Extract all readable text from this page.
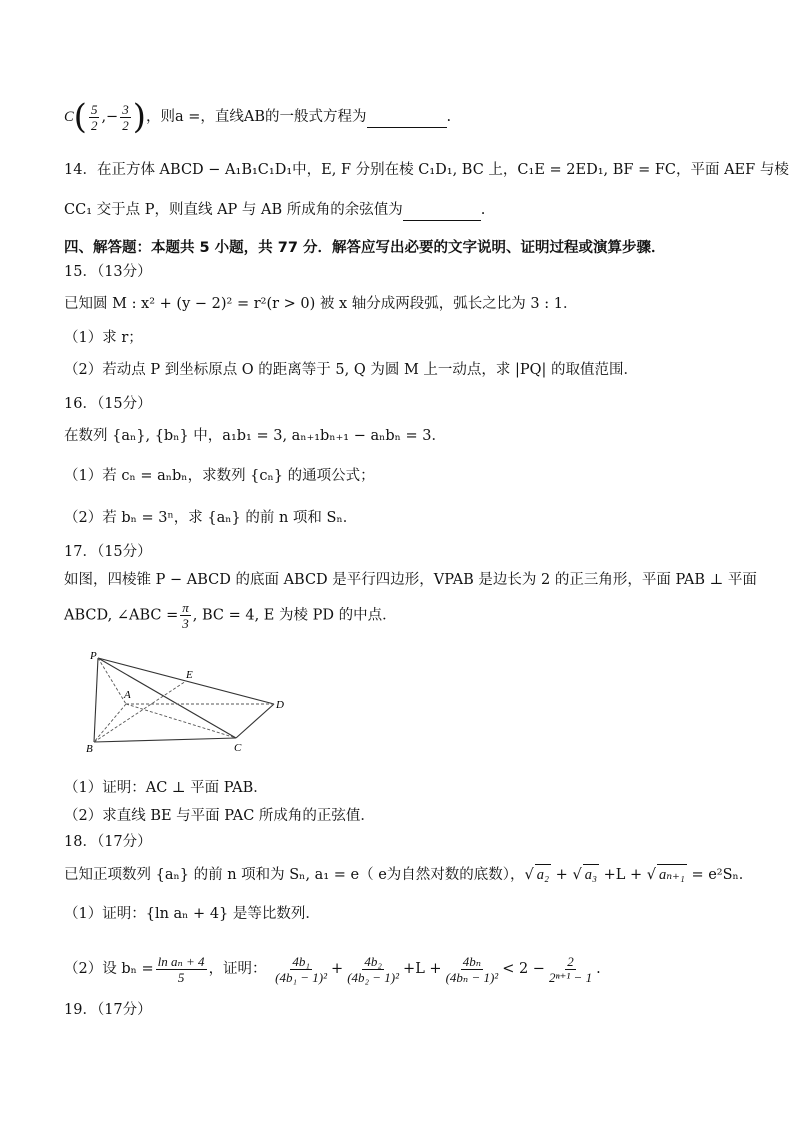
$C( \frac{5}{2}$ ,− $\frac{3}{2}$ )，则a =，直线AB的一般式方程为	.
14．在正方体 ABCD − A₁B₁C₁D₁中，E, F 分别在棱 C₁D₁, BC 上，C₁E = 2ED₁, BF = FC，平面 AEF 与棱
CC₁ 交于点 P，则直线 AP 与 AB 所成角的余弦值为	.
四、解答题：本题共 5 小题，共 77 分．解答应写出必要的文字说明、证明过程或演算步骤．
15．（13分）
已知圆 M : x² + (y − 2)² = r²(r > 0) 被 x 轴分成两段弧，弧长之比为 3 : 1．
（1）求 r；
（2）若动点 P 到坐标原点 O 的距离等于 5, Q 为圆 M 上一动点，求 |PQ| 的取值范围．
16．（15分）
在数列 {aₙ}, {bₙ} 中，a₁b₁ = 3, aₙ₊₁bₙ₊₁ − aₙbₙ = 3．
（1）若 cₙ = aₙbₙ，求数列 {cₙ} 的通项公式；
（2）若 bₙ = 3ⁿ，求 {aₙ} 的前 n 项和 Sₙ．
17．（15分）
如图，四棱锥 P − ABCD 的底面 ABCD 是平行四边形，VPAB 是边长为 2 的正三角形，平面 PAB ⊥ 平面
ABCD, ∠ABC = $\frac{\pi}{3}$ , BC = 4, E 为棱 PD 的中点．
P
E
A
D
B	C
（1）证明：AC ⊥ 平面 PAB．
（2）求直线 BE 与平面 PAC 所成角的正弦值．
18．（17分）
已知正项数列 {aₙ} 的前 n 项和为 Sₙ, a₁ = e（ e为自然对数的底数），√ a₂ + √ a₃ +L + √ aₙ₊₁ = e²Sₙ．
（1）证明：{ln aₙ + 4} 是等比数列．
（2）设 $b_n = \frac{\text{ln aₙ + 4}}{5}$ ，证明： $\frac{\text{4b₁}}{\text{(4b₁ − 1)²}} + \frac{\text{4b₂}}{\text{(4b₂ − 1)²}} +L + \frac{\text{4bₙ}}{\text{(4bₙ − 1)²}} < 2 - \frac{2}{\text{2ⁿ⁺¹ − 1}}$ .
19．（17分）
